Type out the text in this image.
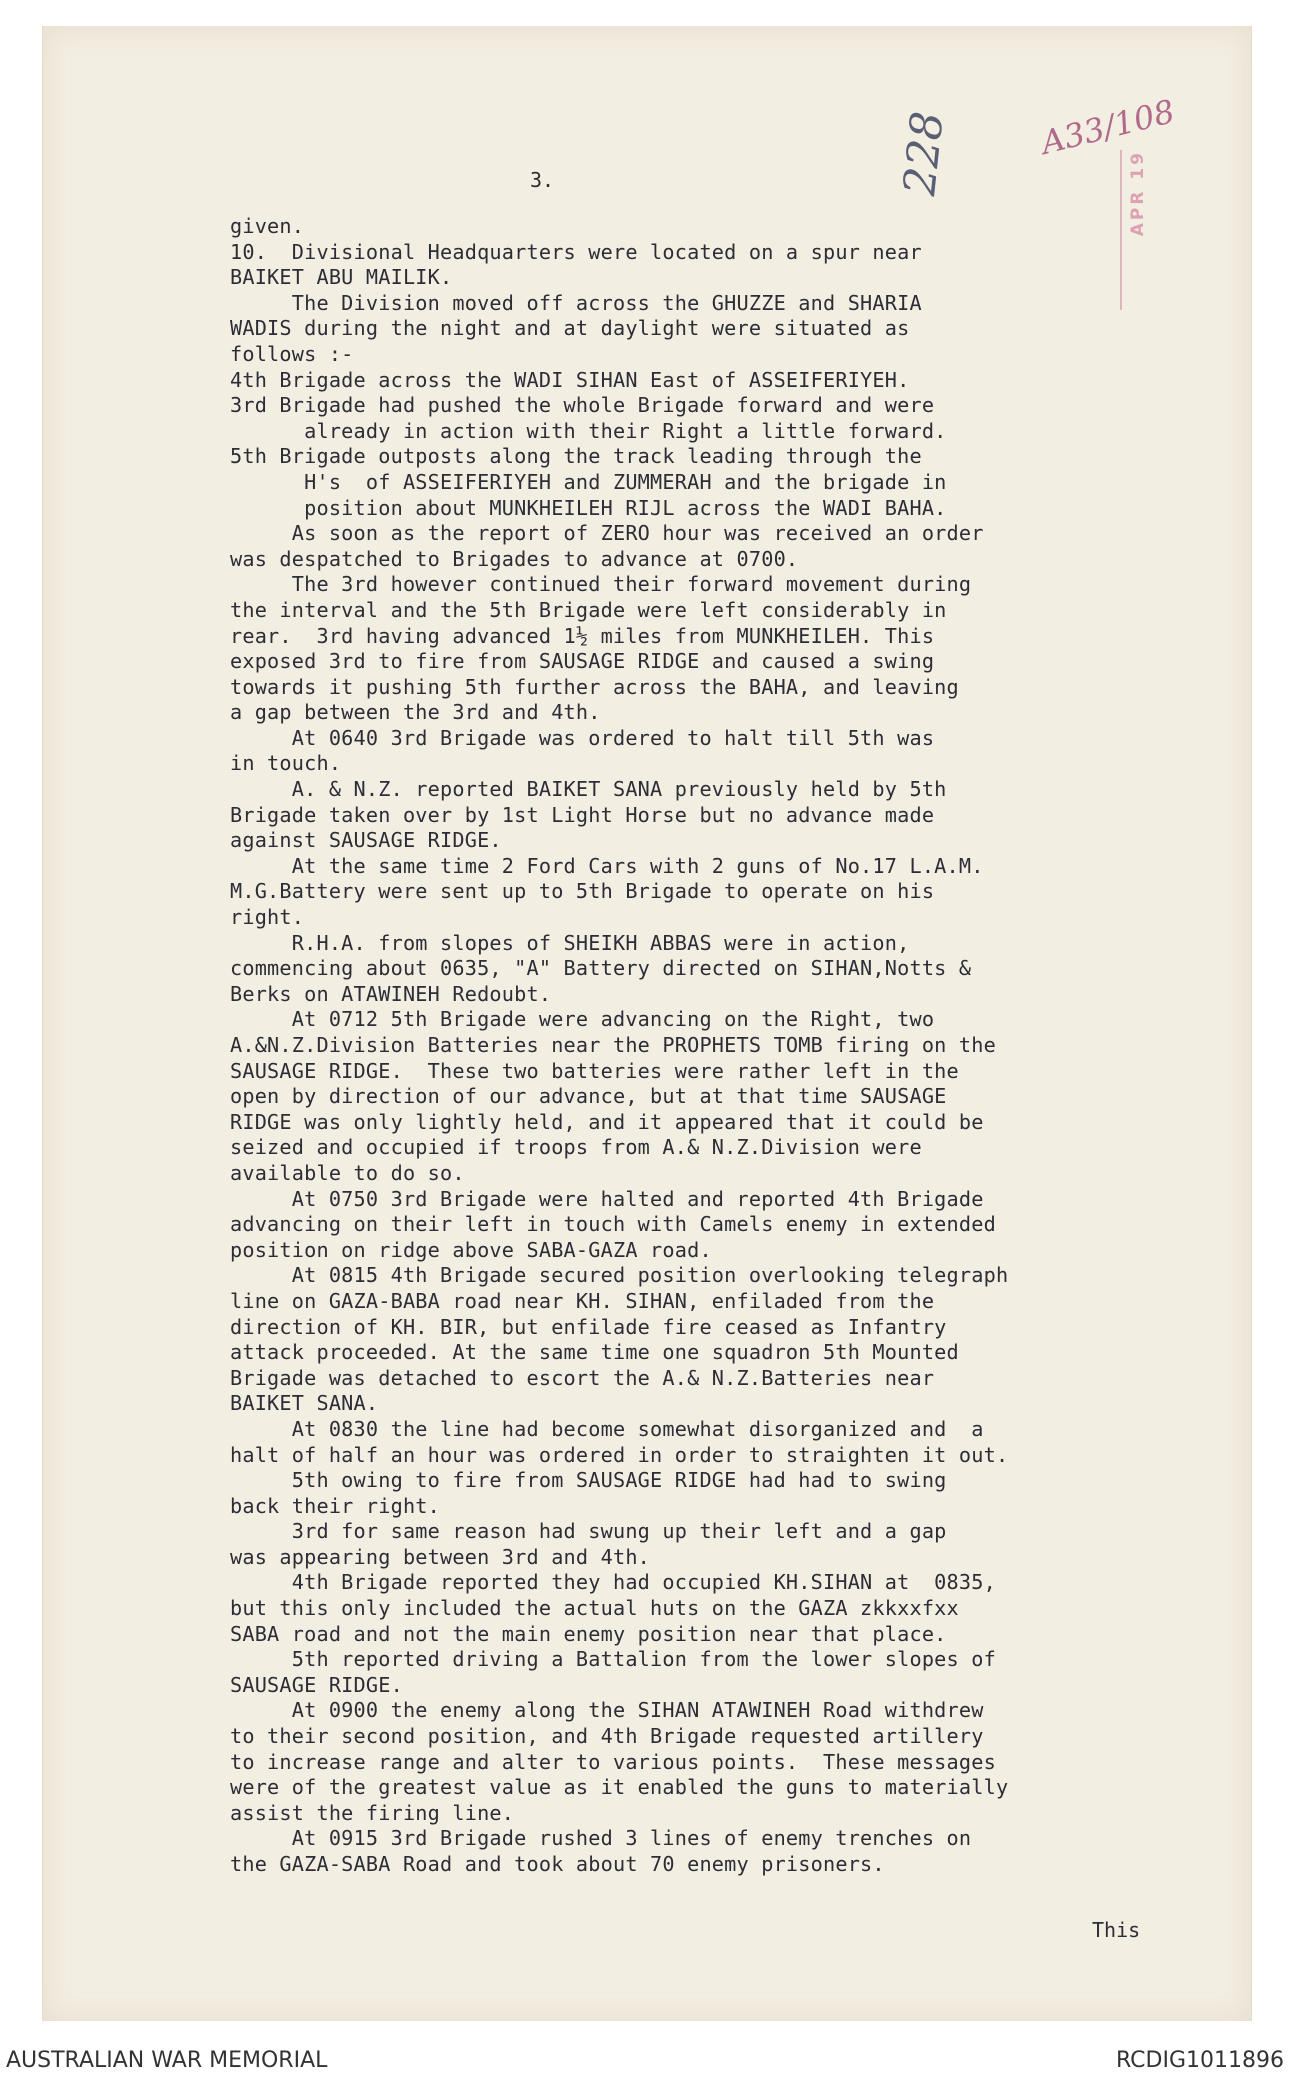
3.	228	A33/108
APR 19
given.
10.  Divisional Headquarters were located on a spur near
BAIKET ABU MAILIK.
The Division moved off across the GHUZZE and SHARIA
WADIS during the night and at daylight were situated as
follows :-
4th Brigade across the WADI SIHAN East of ASSEIFERIYEH.
3rd Brigade had pushed the whole Brigade forward and were
already in action with their Right a little forward.
5th Brigade outposts along the track leading through the
H's  of ASSEIFERIYEH and ZUMMERAH and the brigade in
position about MUNKHEILEH RIJL across the WADI BAHA.
As soon as the report of ZERO hour was received an order
was despatched to Brigades to advance at 0700.
The 3rd however continued their forward movement during
the interval and the 5th Brigade were left considerably in
rear.  3rd having advanced 1½ miles from MUNKHEILEH. This
exposed 3rd to fire from SAUSAGE RIDGE and caused a swing
towards it pushing 5th further across the BAHA, and leaving
a gap between the 3rd and 4th.
At 0640 3rd Brigade was ordered to halt till 5th was
in touch.
A. & N.Z. reported BAIKET SANA previously held by 5th
Brigade taken over by 1st Light Horse but no advance made
against SAUSAGE RIDGE.
At the same time 2 Ford Cars with 2 guns of No.17 L.A.M.
M.G.Battery were sent up to 5th Brigade to operate on his
right.
R.H.A. from slopes of SHEIKH ABBAS were in action,
commencing about 0635, "A" Battery directed on SIHAN,Notts &
Berks on ATAWINEH Redoubt.
At 0712 5th Brigade were advancing on the Right, two
A.&N.Z.Division Batteries near the PROPHETS TOMB firing on the
SAUSAGE RIDGE.  These two batteries were rather left in the
open by direction of our advance, but at that time SAUSAGE
RIDGE was only lightly held, and it appeared that it could be
seized and occupied if troops from A.& N.Z.Division were
available to do so.
At 0750 3rd Brigade were halted and reported 4th Brigade
advancing on their left in touch with Camels enemy in extended
position on ridge above SABA-GAZA road.
At 0815 4th Brigade secured position overlooking telegraph
line on GAZA-BABA road near KH. SIHAN, enfiladed from the
direction of KH. BIR, but enfilade fire ceased as Infantry
attack proceeded. At the same time one squadron 5th Mounted
Brigade was detached to escort the A.& N.Z.Batteries near
BAIKET SANA.
At 0830 the line had become somewhat disorganized and  a
halt of half an hour was ordered in order to straighten it out.
5th owing to fire from SAUSAGE RIDGE had had to swing
back their right.
3rd for same reason had swung up their left and a gap
was appearing between 3rd and 4th.
4th Brigade reported they had occupied KH.SIHAN at  0835,
but this only included the actual huts on the GAZA zkkxxfxx
SABA road and not the main enemy position near that place.
5th reported driving a Battalion from the lower slopes of
SAUSAGE RIDGE.
At 0900 the enemy along the SIHAN ATAWINEH Road withdrew
to their second position, and 4th Brigade requested artillery
to increase range and alter to various points.  These messages
were of the greatest value as it enabled the guns to materially
assist the firing line.
At 0915 3rd Brigade rushed 3 lines of enemy trenches on
the GAZA-SABA Road and took about 70 enemy prisoners.
This
AUSTRALIAN WAR MEMORIAL	RCDIG1011896
